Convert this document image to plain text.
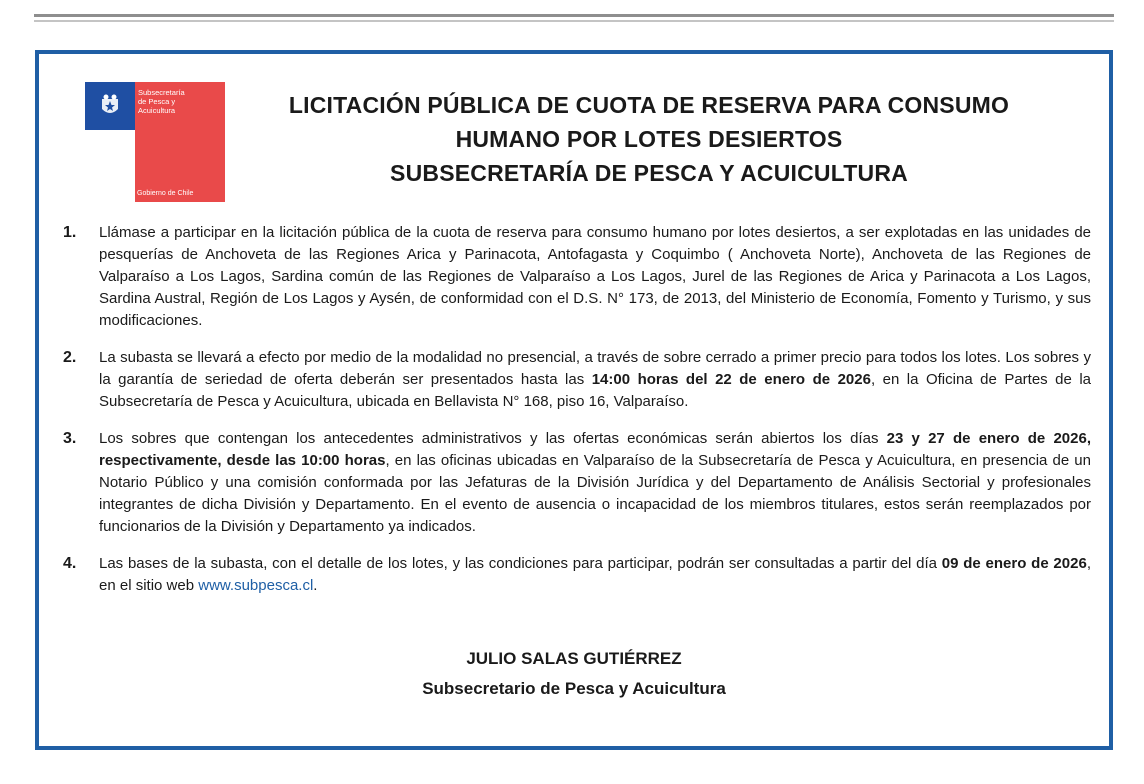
Subsecretaría
de Pesca y
Acuicultura
Gobierno de Chile
LICITACIÓN PÚBLICA DE CUOTA DE RESERVA PARA CONSUMO
HUMANO POR LOTES DESIERTOS
SUBSECRETARÍA DE PESCA Y ACUICULTURA
1.	Llámase a participar en la licitación pública de la cuota de reserva para consumo humano por lotes desiertos, a ser explotadas en las unidades de pesquerías de Anchoveta de las Regiones Arica y Parinacota, Antofagasta y Coquimbo ( Anchoveta Norte), Anchoveta de las Regiones de Valparaíso a Los Lagos, Sardina común de las Regiones de Valparaíso a Los Lagos, Jurel de las Regiones de Arica y Parinacota a Los Lagos, Sardina Austral, Región de Los Lagos y Aysén, de conformidad con el D.S. N° 173, de 2013, del Ministerio de Economía, Fomento y Turismo, y sus modificaciones.
2.	La subasta se llevará a efecto por medio de la modalidad no presencial, a través de sobre cerrado a primer precio para todos los lotes. Los sobres y la garantía de seriedad de oferta deberán ser presentados hasta las 14:00 horas del 22 de enero de 2026, en la Oficina de Partes de la Subsecretaría de Pesca y Acuicultura, ubicada en Bellavista N° 168, piso 16, Valparaíso.
3.	Los sobres que contengan los antecedentes administrativos y las ofertas económicas serán abiertos los días 23 y 27 de enero de 2026, respectivamente, desde las 10:00 horas, en las oficinas ubicadas en Valparaíso de la Subsecretaría de Pesca y Acuicultura, en presencia de un Notario Público y una comisión conformada por las Jefaturas de la División Jurídica y del Departamento de Análisis Sectorial y profesionales integrantes de dicha División y Departamento. En el evento de ausencia o incapacidad de los miembros titulares, estos serán reemplazados por funcionarios de la División y Departamento ya indicados.
4.	Las bases de la subasta, con el detalle de los lotes, y las condiciones para participar, podrán ser consultadas a partir del día 09 de enero de 2026, en el sitio web www.subpesca.cl.
JULIO SALAS GUTIÉRREZ
Subsecretario de Pesca y Acuicultura
